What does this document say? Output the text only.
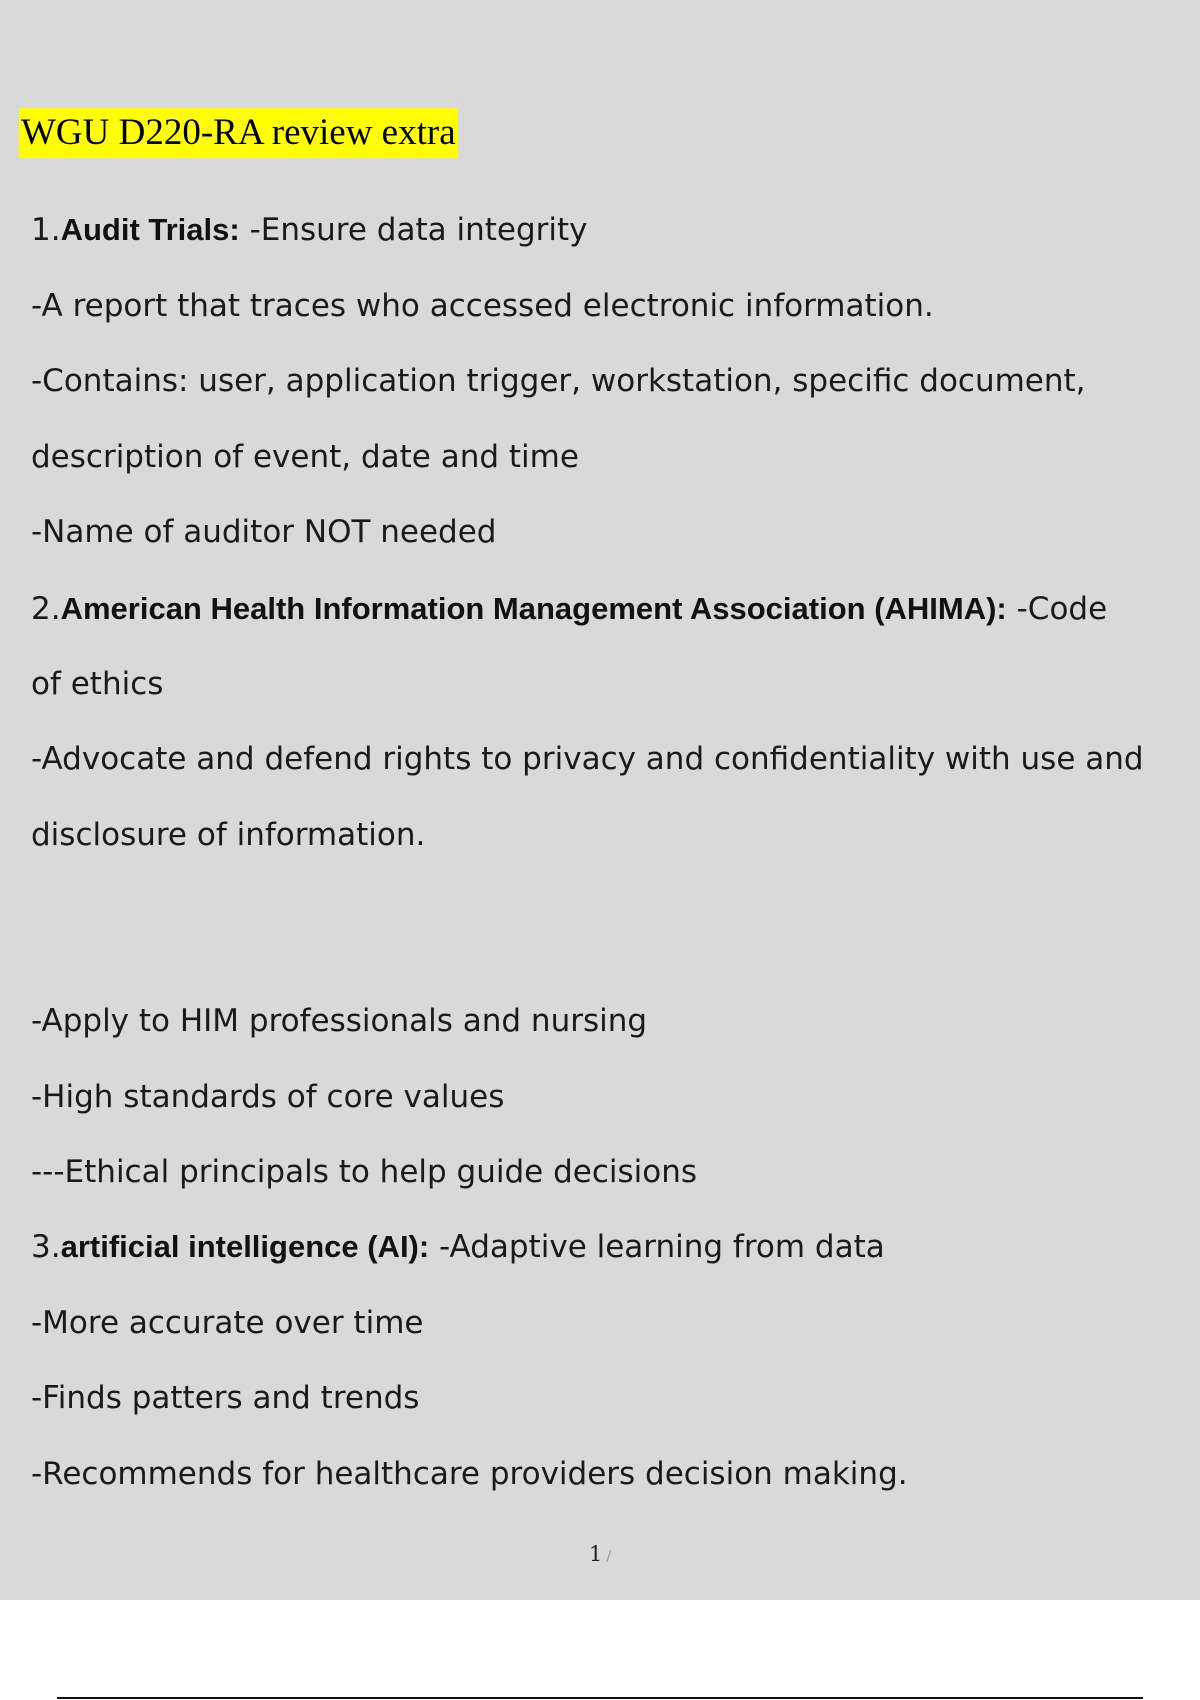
WGU D220-RA review extra
1.Audit Trials: -Ensure data integrity
-A report that traces who accessed electronic information.
-Contains: user, application trigger, workstation, specific document,
description of event, date and time
-Name of auditor NOT needed
2.American Health Information Management Association (AHIMA): -Code
of ethics
-Advocate and defend rights to privacy and confidentiality with use and
disclosure of information.
-Apply to HIM professionals and nursing
-High standards of core values
---Ethical principals to help guide decisions
3.artificial intelligence (AI): -Adaptive learning from data
-More accurate over time
-Finds patters and trends
-Recommends for healthcare providers decision making.
1 /
